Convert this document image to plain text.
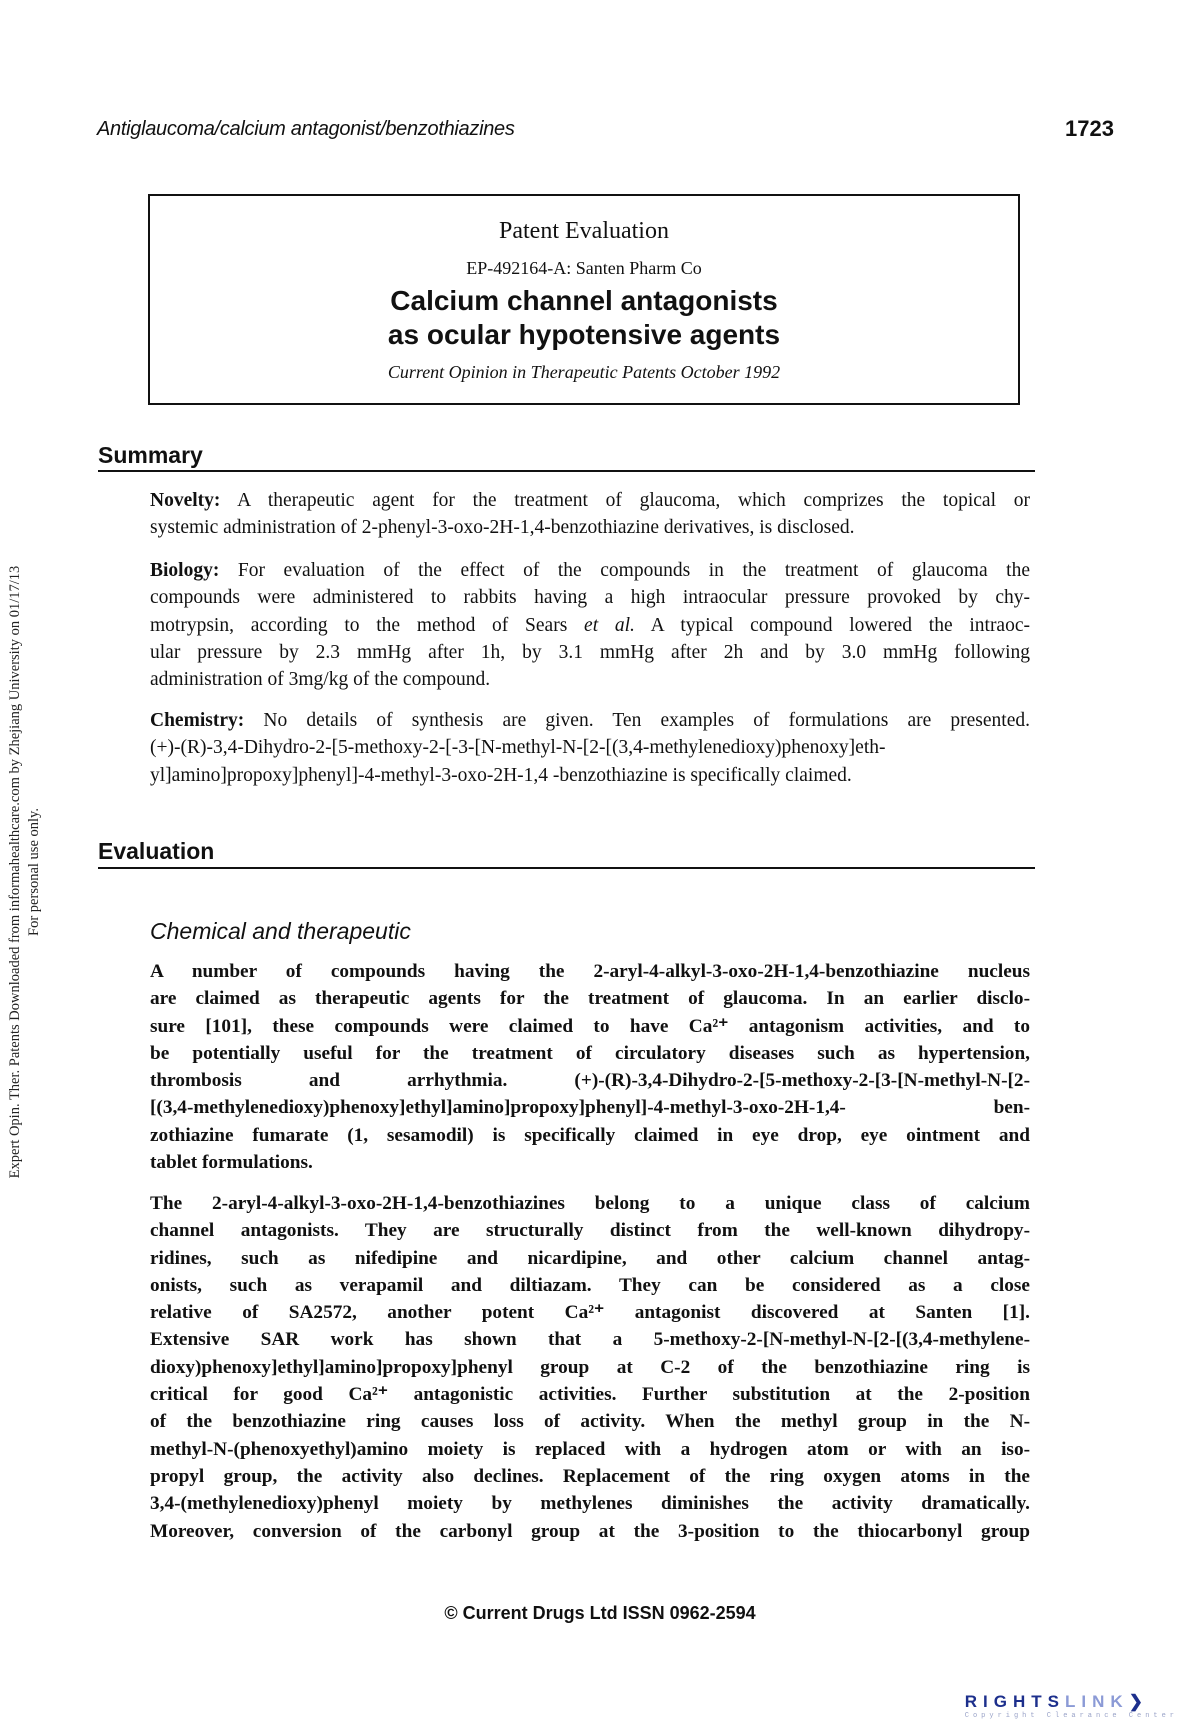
Antiglaucoma/calcium antagonist/benzothiazines	1723
Patent Evaluation
EP-492164-A: Santen Pharm Co
Calcium channel antagonists
as ocular hypotensive agents
Current Opinion in Therapeutic Patents October 1992
Summary
Novelty: A therapeutic agent for the treatment of glaucoma, which comprizes the topical or
systemic administration of 2-phenyl-3-oxo-2H-1,4-benzothiazine derivatives, is disclosed.
Biology: For evaluation of the effect of the compounds in the treatment of glaucoma the
compounds were administered to rabbits having a high intraocular pressure provoked by chy-
motrypsin, according to the method of Sears et al. A typical compound lowered the intraoc-
ular pressure by 2.3 mmHg after 1h, by 3.1 mmHg after 2h and by 3.0 mmHg following
administration of 3mg/kg of the compound.
Chemistry: No details of synthesis are given. Ten examples of formulations are presented.
(+)-(R)-3,4-Dihydro-2-[5-methoxy-2-[-3-[N-methyl-N-[2-[(3,4-methylenedioxy)phenoxy]eth-
yl]amino]propoxy]phenyl]-4-methyl-3-oxo-2H-1,4 -benzothiazine is specifically claimed.
Evaluation
Chemical and therapeutic
A number of compounds having the 2-aryl-4-alkyl-3-oxo-2H-1,4-benzothiazine nucleus
are claimed as therapeutic agents for the treatment of glaucoma. In an earlier disclo-
sure [101], these compounds were claimed to have Ca²⁺ antagonism activities, and to
be potentially useful for the treatment of circulatory diseases such as hypertension,
thrombosis and arrhythmia. (+)-(R)-3,4-Dihydro-2-[5-methoxy-2-[3-[N-methyl-N-[2-
[(3,4-methylenedioxy)phenoxy]ethyl]amino]propoxy]phenyl]-4-methyl-3-oxo-2H-1,4- ben-
zothiazine fumarate (1, sesamodil) is specifically claimed in eye drop, eye ointment and
tablet formulations.
The 2-aryl-4-alkyl-3-oxo-2H-1,4-benzothiazines belong to a unique class of calcium
channel antagonists. They are structurally distinct from the well-known dihydropy-
ridines, such as nifedipine and nicardipine, and other calcium channel antag-
onists, such as verapamil and diltiazam. They can be considered as a close
relative of SA2572, another potent Ca²⁺ antagonist discovered at Santen [1].
Extensive SAR work has shown that a 5-methoxy-2-[N-methyl-N-[2-[(3,4-methylene-
dioxy)phenoxy]ethyl]amino]propoxy]phenyl group at C-2 of the benzothiazine ring is
critical for good Ca²⁺ antagonistic activities. Further substitution at the 2-position
of the benzothiazine ring causes loss of activity. When the methyl group in the N-
methyl-N-(phenoxyethyl)amino moiety is replaced with a hydrogen atom or with an iso-
propyl group, the activity also declines. Replacement of the ring oxygen atoms in the
3,4-(methylenedioxy)phenyl moiety by methylenes diminishes the activity dramatically.
Moreover, conversion of the carbonyl group at the 3-position to the thiocarbonyl group
Expert Opin. Ther. Patents Downloaded from informahealthcare.com by Zhejiang University on 01/17/13 For personal use only.
© Current Drugs Ltd ISSN 0962-2594
RIGHTSLINK❯
Copyright Clearance Center
